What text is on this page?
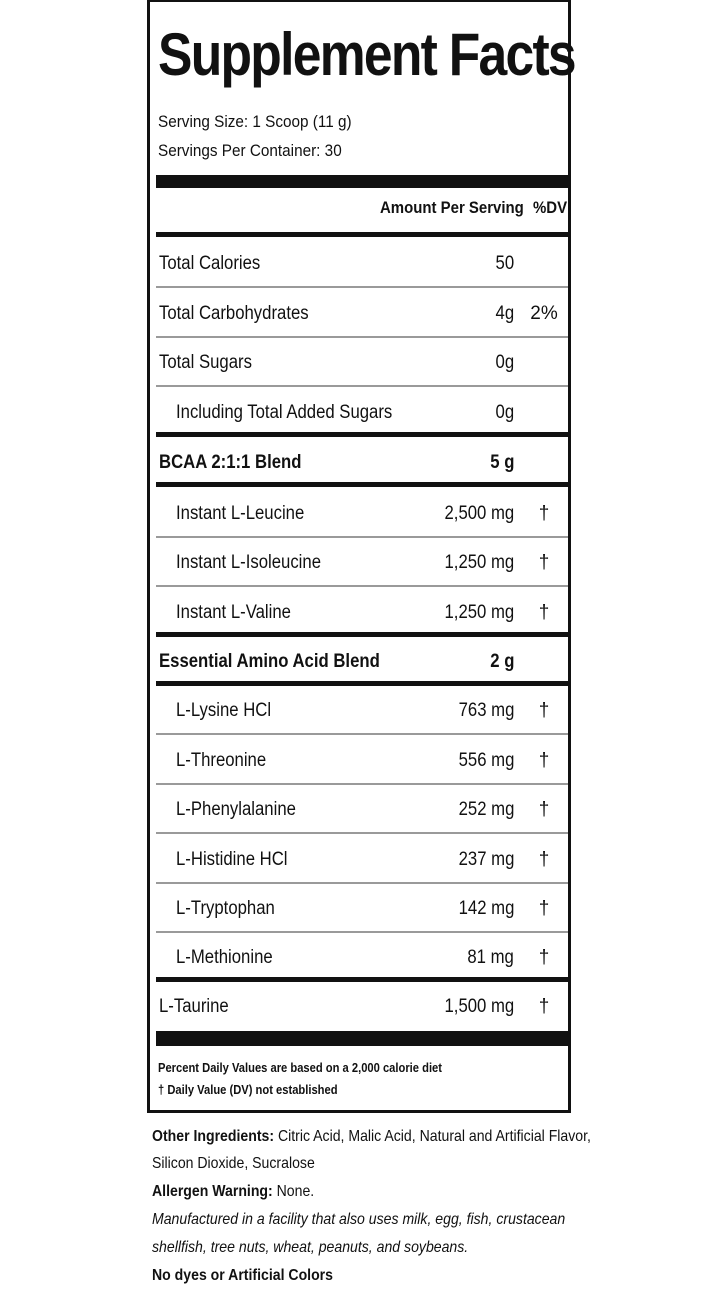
Supplement Facts
Serving Size: 1 Scoop (11 g)
Servings Per Container: 30
Amount Per Serving %DV
Total Calories	50
Total Carbohydrates	4g 2%
Total Sugars	0g
Including Total Added Sugars	0g
BCAA 2:1:1 Blend	5 g
Instant L-Leucine	2,500 mg	†
Instant L-Isoleucine	1,250 mg	†
Instant L-Valine	1,250 mg	†
Essential Amino Acid Blend	2 g
L-Lysine HCl	763 mg	†
L-Threonine	556 mg	†
L-Phenylalanine	252 mg	†
L-Histidine HCl	237 mg	†
L-Tryptophan	142 mg	†
L-Methionine	81 mg	†
L-Taurine	1,500 mg	†
Percent Daily Values are based on a 2,000 calorie diet
† Daily Value (DV) not established
Other Ingredients: Citric Acid, Malic Acid, Natural and Artificial Flavor,
Silicon Dioxide, Sucralose
Allergen Warning: None.
Manufactured in a facility that also uses milk, egg, fish, crustacean
shellfish, tree nuts, wheat, peanuts, and soybeans.
No dyes or Artificial Colors
